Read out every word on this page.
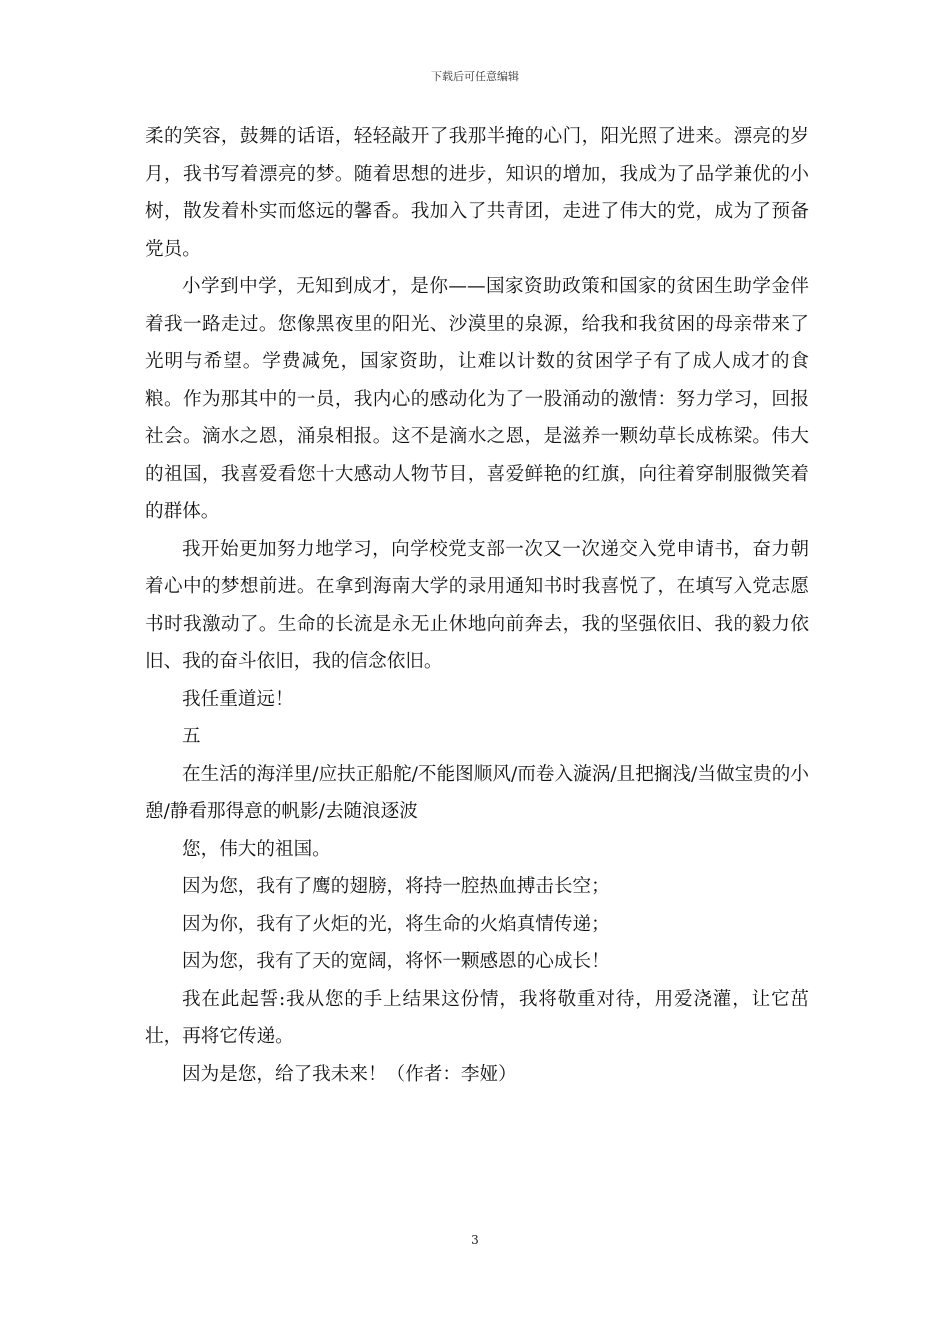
下载后可任意编辑

柔的笑容，鼓舞的话语，轻轻敲开了我那半掩的心门，阳光照了进来。漂亮的岁月，我书写着漂亮的梦。随着思想的进步，知识的增加，我成为了品学兼优的小树，散发着朴实而悠远的馨香。我加入了共青团，走进了伟大的党，成为了预备党员。

小学到中学，无知到成才，是你——国家资助政策和国家的贫困生助学金伴着我一路走过。您像黑夜里的阳光、沙漠里的泉源，给我和我贫困的母亲带来了光明与希望。学费减免，国家资助，让难以计数的贫困学子有了成人成才的食粮。作为那其中的一员，我内心的感动化为了一股涌动的激情：努力学习，回报社会。滴水之恩，涌泉相报。这不是滴水之恩，是滋养一颗幼草长成栋梁。伟大的祖国，我喜爱看您十大感动人物节目，喜爱鲜艳的红旗，向往着穿制服微笑着的群体。

我开始更加努力地学习，向学校党支部一次又一次递交入党申请书，奋力朝着心中的梦想前进。在拿到海南大学的录用通知书时我喜悦了，在填写入党志愿书时我激动了。生命的长流是永无止休地向前奔去，我的坚强依旧、我的毅力依旧、我的奋斗依旧，我的信念依旧。

我任重道远！

五

在生活的海洋里/应扶正船舵/不能图顺风/而卷入漩涡/且把搁浅/当做宝贵的小憩/静看那得意的帆影/去随浪逐波

您，伟大的祖国。

因为您，我有了鹰的翅膀，将持一腔热血搏击长空；

因为你，我有了火炬的光，将生命的火焰真情传递；

因为您，我有了天的宽阔，将怀一颗感恩的心成长！

我在此起誓:我从您的手上结果这份情，我将敬重对待，用爱浇灌，让它茁壮，再将它传递。

因为是您，给了我未来！（作者：李娅）

3
